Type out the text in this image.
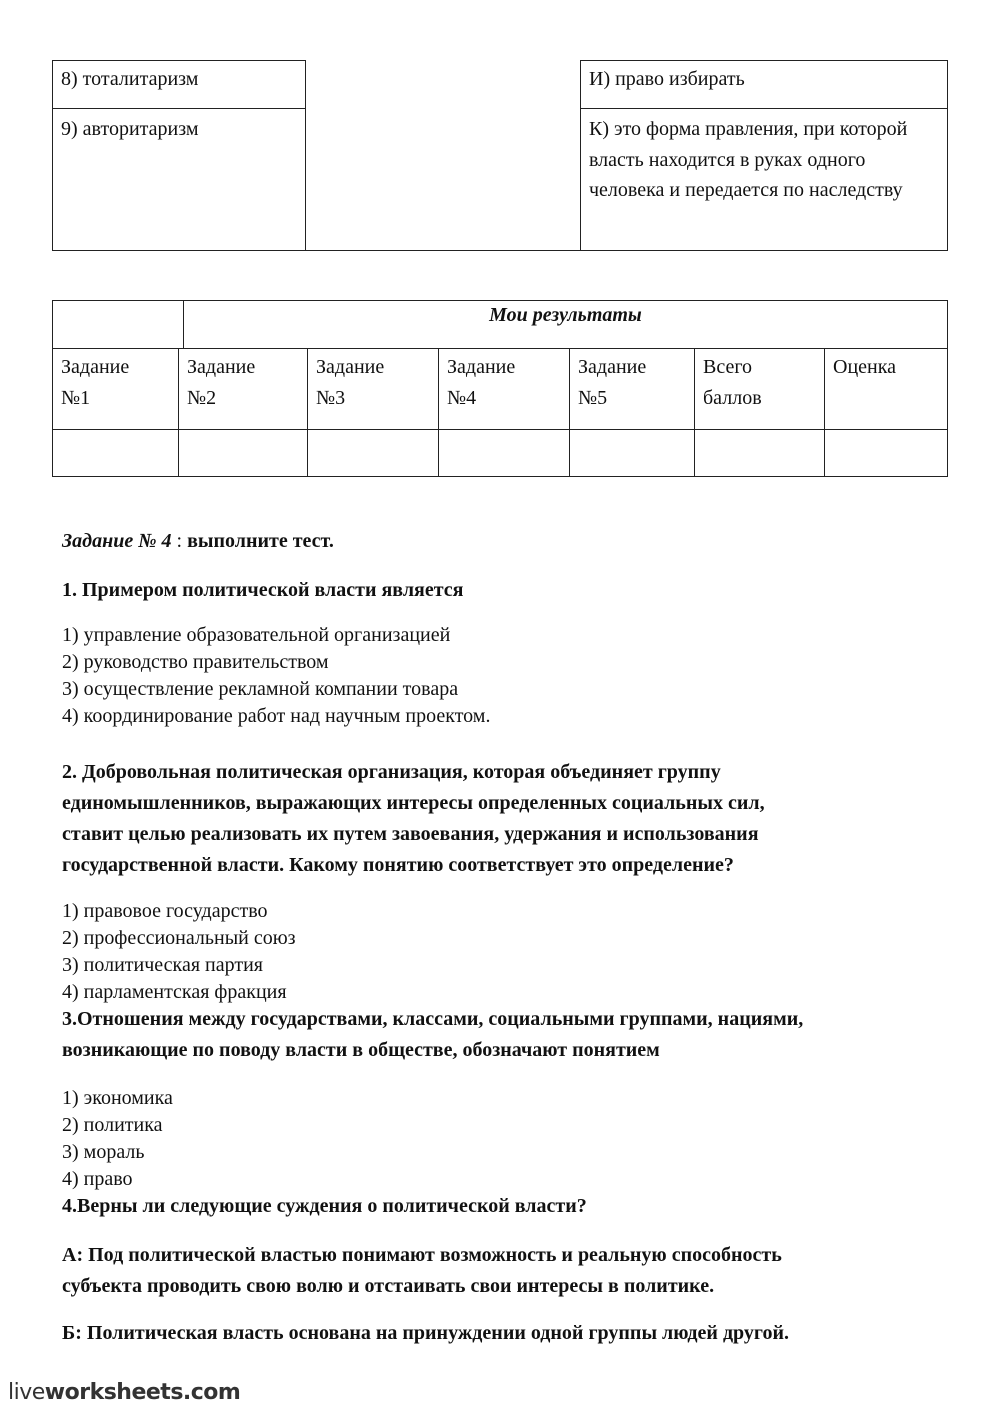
8) тоталитаризм
9) авторитаризм
И) право избирать
К) это форма правления, при которой власть находится в руках одного человека и передается по наследству
Мои результаты
Задание
№1
Задание
№2
Задание
№3
Задание
№4
Задание
№5
Всего
баллов
Оценка
Задание № 4 : выполните тест.
1. Примером политической власти является
1) управление образовательной организацией
2) руководство правительством
3) осуществление рекламной компании товара
4) координирование работ над научным проектом.
2. Добровольная политическая организация, которая объединяет группу
единомышленников, выражающих интересы определенных социальных сил,
ставит целью реализовать их путем завоевания, удержания и использования
государственной власти. Какому понятию соответствует это определение?
1) правовое государство
2) профессиональный союз
3) политическая партия
4) парламентская фракция
3.Отношения между государствами, классами, социальными группами, нациями,
возникающие по поводу власти в обществе, обозначают понятием
1) экономика
2) политика
3) мораль
4) право
4.Верны ли следующие суждения о политической власти?
А: Под политической властью понимают возможность и реальную способность
субъекта проводить свою волю и отстаивать свои интересы в политике.
Б: Политическая власть основана на принуждении одной группы людей другой.
liveworksheets.com
